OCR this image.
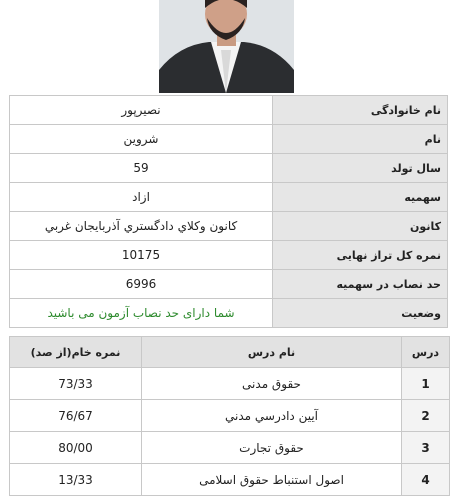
نام خانوادگی	نصیرپور
نام	شروین
سال تولد	59
سهمیه	ازاد
کانون	کانون وکلاي دادگستري آذربايجان غربي
نمره کل تراز نهایی	10175
حد نصاب در سهمیه	6996
وضعیت	شما دارای حد نصاب آزمون می باشید
درس	نام درس	نمره خام(از صد)
1	حقوق مدنی	73/33
2	آيين دادرسي مدني	76/67
3	حقوق تجارت	80/00
4	اصول استنباط حقوق اسلامی	13/33
